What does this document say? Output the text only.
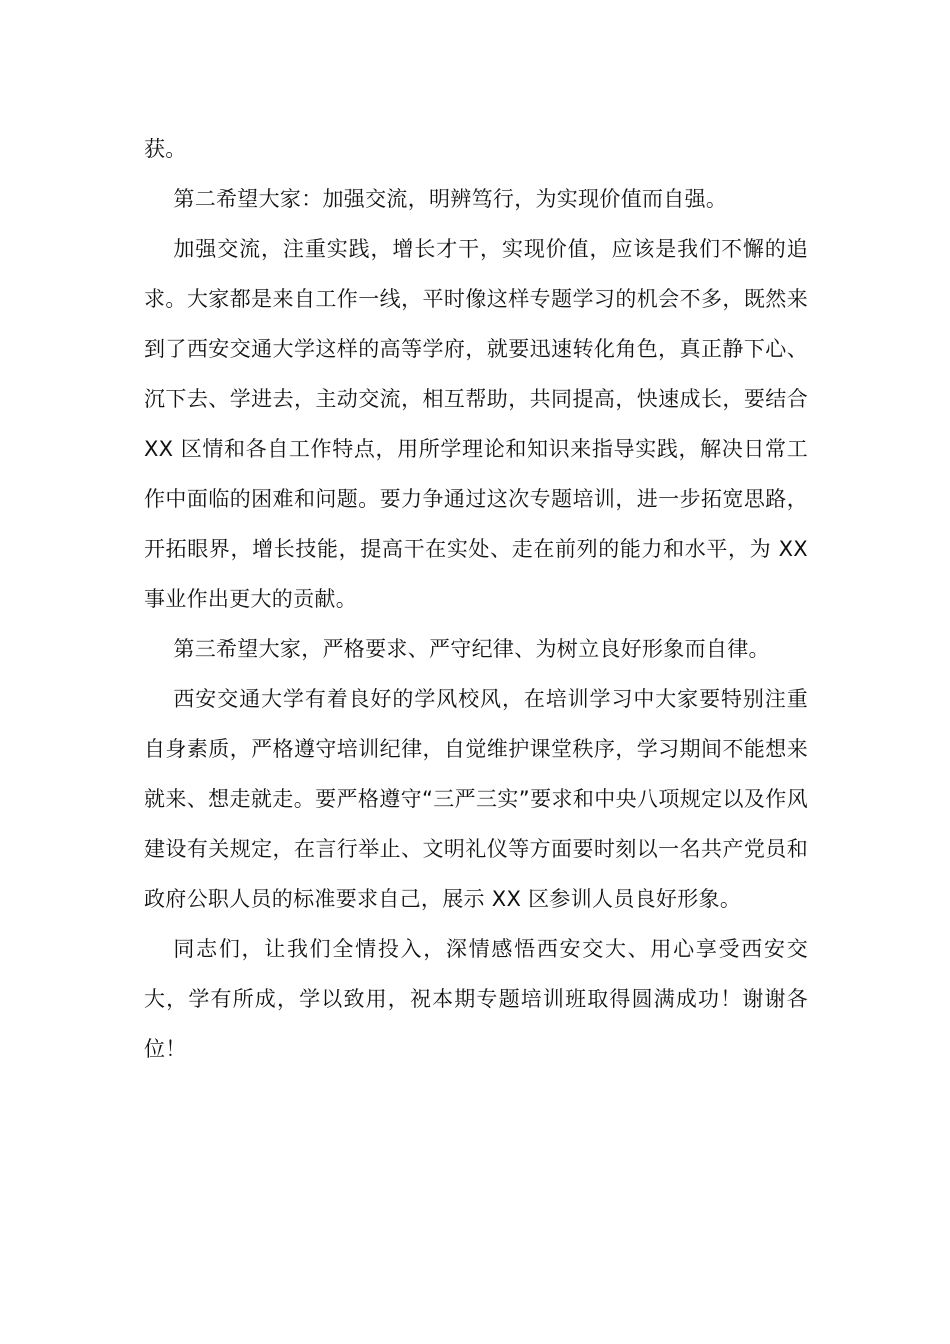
获。

第二希望大家：加强交流，明辨笃行，为实现价值而自强。

加强交流，注重实践，增长才干，实现价值，应该是我们不懈的追求。大家都是来自工作一线，平时像这样专题学习的机会不多，既然来到了西安交通大学这样的高等学府，就要迅速转化角色，真正静下心、沉下去、学进去，主动交流，相互帮助，共同提高，快速成长，要结合 XX 区情和各自工作特点，用所学理论和知识来指导实践，解决日常工作中面临的困难和问题。要力争通过这次专题培训，进一步拓宽思路，开拓眼界，增长技能，提高干在实处、走在前列的能力和水平，为 XX 事业作出更大的贡献。

第三希望大家，严格要求、严守纪律、为树立良好形象而自律。

西安交通大学有着良好的学风校风，在培训学习中大家要特别注重自身素质，严格遵守培训纪律，自觉维护课堂秩序，学习期间不能想来就来、想走就走。要严格遵守“三严三实”要求和中央八项规定以及作风建设有关规定，在言行举止、文明礼仪等方面要时刻以一名共产党员和政府公职人员的标准要求自己，展示 XX 区参训人员良好形象。

同志们，让我们全情投入，深情感悟西安交大、用心享受西安交大，学有所成，学以致用，祝本期专题培训班取得圆满成功！谢谢各位！
